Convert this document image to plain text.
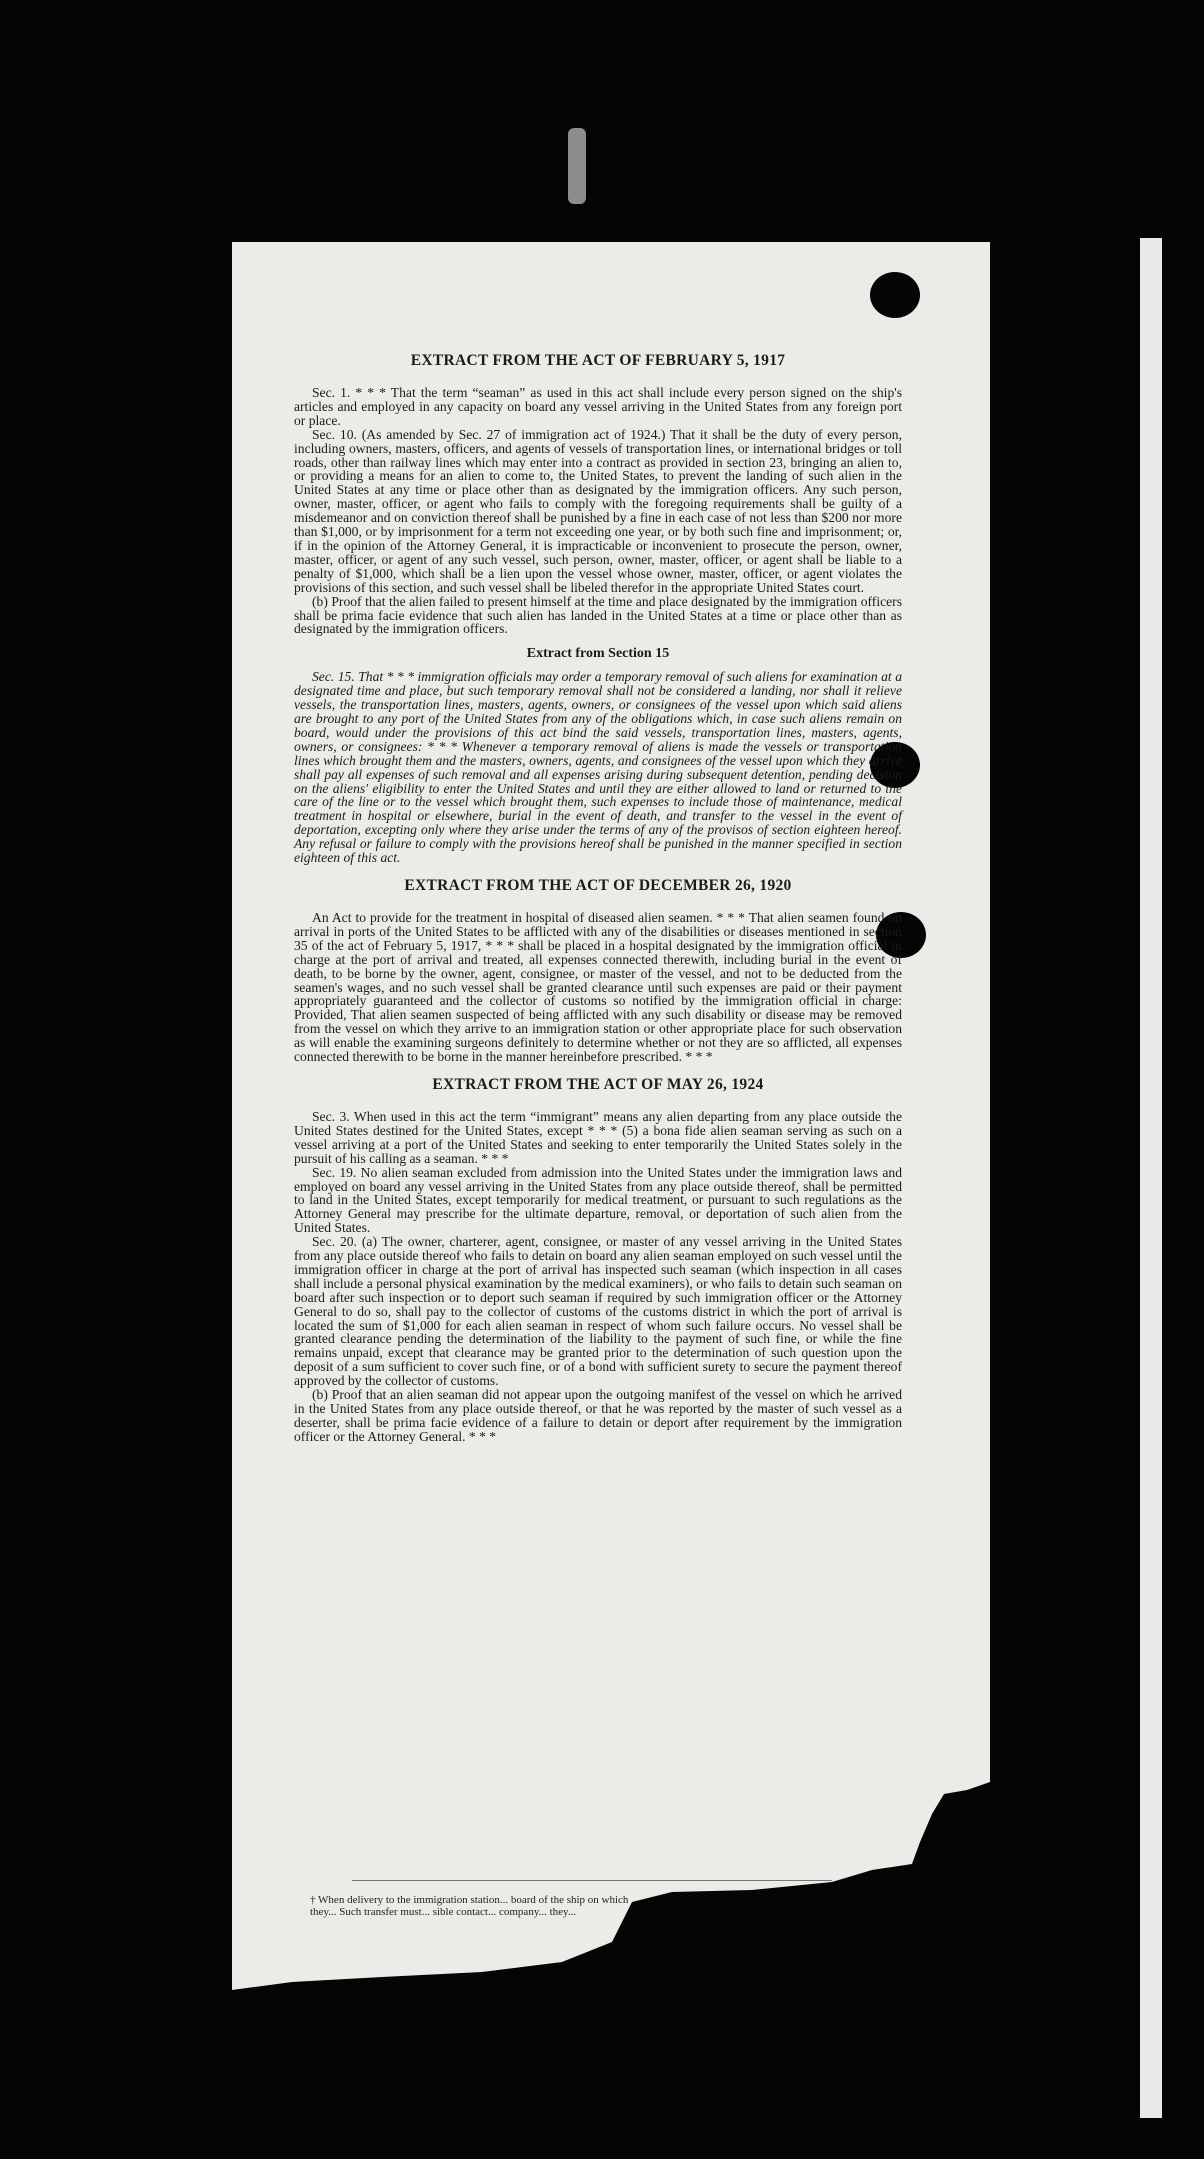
EXTRACT FROM THE ACT OF FEBRUARY 5, 1917

Sec. 1. * * * That the term “seaman” as used in this act shall include every person signed on the ship's articles and employed in any capacity on board any vessel arriving in the United States from any foreign port or place.

Sec. 10. (As amended by Sec. 27 of immigration act of 1924.) That it shall be the duty of every person, including owners, masters, officers, and agents of vessels of transportation lines, or international bridges or toll roads, other than railway lines which may enter into a contract as provided in section 23, bringing an alien to, or providing a means for an alien to come to, the United States, to prevent the landing of such alien in the United States at any time or place other than as designated by the immigration officers. Any such person, owner, master, officer, or agent who fails to comply with the foregoing requirements shall be guilty of a misdemeanor and on conviction thereof shall be punished by a fine in each case of not less than $200 nor more than $1,000, or by imprisonment for a term not exceeding one year, or by both such fine and imprisonment; or, if in the opinion of the Attorney General, it is impracticable or inconvenient to prosecute the person, owner, master, officer, or agent of any such vessel, such person, owner, master, officer, or agent shall be liable to a penalty of $1,000, which shall be a lien upon the vessel whose owner, master, officer, or agent violates the provisions of this section, and such vessel shall be libeled therefor in the appropriate United States court.

(b) Proof that the alien failed to present himself at the time and place designated by the immigration officers shall be prima facie evidence that such alien has landed in the United States at a time or place other than as designated by the immigration officers.

Extract from Section 15

Sec. 15. That * * * immigration officials may order a temporary removal of such aliens for examination at a designated time and place, but such temporary removal shall not be considered a landing, nor shall it relieve vessels, the transportation lines, masters, agents, owners, or consignees of the vessel upon which said aliens are brought to any port of the United States from any of the obligations which, in case such aliens remain on board, would under the provisions of this act bind the said vessels, transportation lines, masters, agents, owners, or consignees: * * * Whenever a temporary removal of aliens is made the vessels or transportation lines which brought them and the masters, owners, agents, and consignees of the vessel upon which they arrive shall pay all expenses of such removal and all expenses arising during subsequent detention, pending decision on the aliens' eligibility to enter the United States and until they are either allowed to land or returned to the care of the line or to the vessel which brought them, such expenses to include those of maintenance, medical treatment in hospital or elsewhere, burial in the event of death, and transfer to the vessel in the event of deportation, excepting only where they arise under the terms of any of the provisos of section eighteen hereof. Any refusal or failure to comply with the provisions hereof shall be punished in the manner specified in section eighteen of this act.

EXTRACT FROM THE ACT OF DECEMBER 26, 1920

An Act to provide for the treatment in hospital of diseased alien seamen. * * * That alien seamen found on arrival in ports of the United States to be afflicted with any of the disabilities or diseases mentioned in section 35 of the act of February 5, 1917, * * * shall be placed in a hospital designated by the immigration official in charge at the port of arrival and treated, all expenses connected therewith, including burial in the event of death, to be borne by the owner, agent, consignee, or master of the vessel, and not to be deducted from the seamen's wages, and no such vessel shall be granted clearance until such expenses are paid or their payment appropriately guaranteed and the collector of customs so notified by the immigration official in charge: Provided, That alien seamen suspected of being afflicted with any such disability or disease may be removed from the vessel on which they arrive to an immigration station or other appropriate place for such observation as will enable the examining surgeons definitely to determine whether or not they are so afflicted, all expenses connected therewith to be borne in the manner hereinbefore prescribed. * * *

EXTRACT FROM THE ACT OF MAY 26, 1924

Sec. 3. When used in this act the term “immigrant” means any alien departing from any place outside the United States destined for the United States, except * * * (5) a bona fide alien seaman serving as such on a vessel arriving at a port of the United States and seeking to enter temporarily the United States solely in the pursuit of his calling as a seaman. * * *

Sec. 19. No alien seaman excluded from admission into the United States under the immigration laws and employed on board any vessel arriving in the United States from any place outside thereof, shall be permitted to land in the United States, except temporarily for medical treatment, or pursuant to such regulations as the Attorney General may prescribe for the ultimate departure, removal, or deportation of such alien from the United States.

Sec. 20. (a) The owner, charterer, agent, consignee, or master of any vessel arriving in the United States from any place outside thereof who fails to detain on board any alien seaman employed on such vessel until the immigration officer in charge at the port of arrival has inspected such seaman (which inspection in all cases shall include a personal physical examination by the medical examiners), or who fails to detain such seaman on board after such inspection or to deport such seaman if required by such immigration officer or the Attorney General to do so, shall pay to the collector of customs of the customs district in which the port of arrival is located the sum of $1,000 for each alien seaman in respect of whom such failure occurs. No vessel shall be granted clearance pending the determination of the liability to the payment of such fine, or while the fine remains unpaid, except that clearance may be granted prior to the determination of such question upon the deposit of a sum sufficient to cover such fine, or of a bond with sufficient surety to secure the payment thereof approved by the collector of customs.

(b) Proof that an alien seaman did not appear upon the outgoing manifest of the vessel on which he arrived in the United States from any place outside thereof, or that he was reported by the master of such vessel as a deserter, shall be prima facie evidence of a failure to detain or deport after requirement by the immigration officer or the Attorney General. * * *

† When delivery to the immigration station... board of the ship on which they... Such transfer must... sible contact... company... they...
